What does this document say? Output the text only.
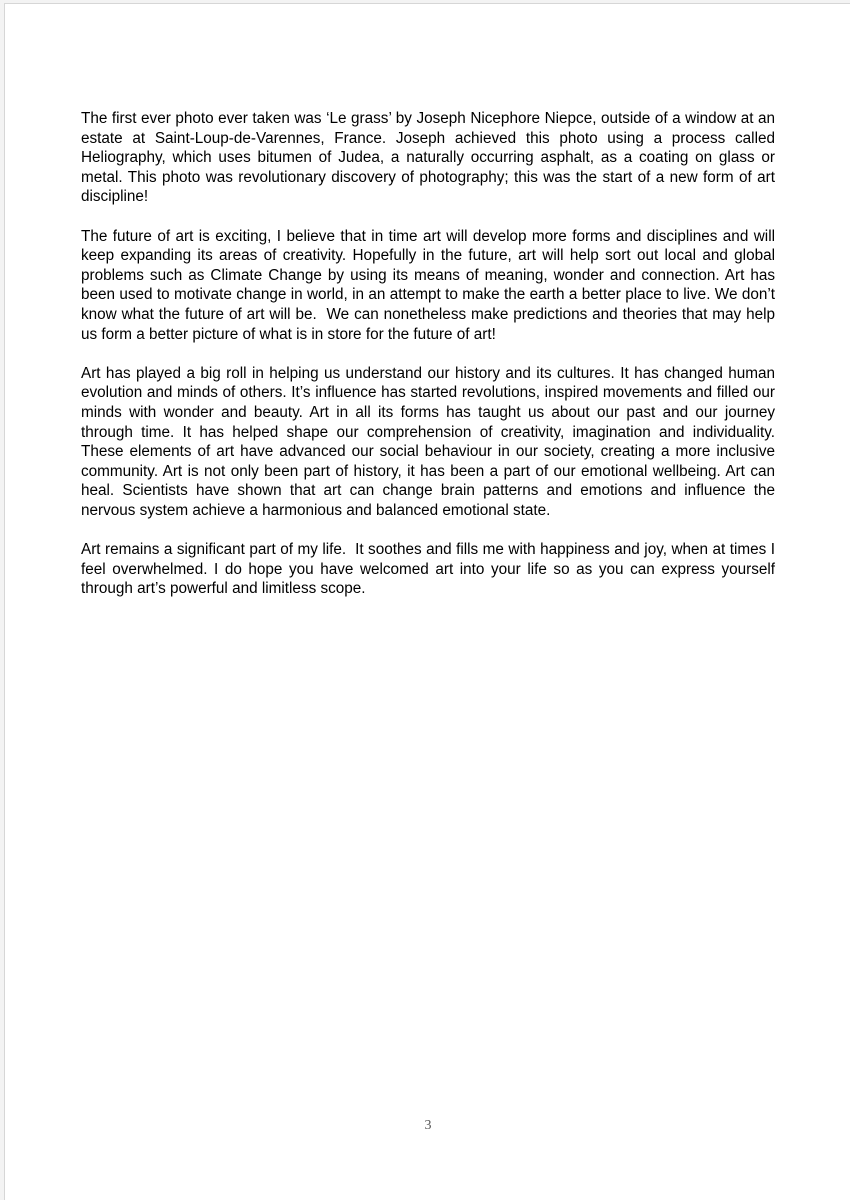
The first ever photo ever taken was ‘Le grass’ by Joseph Nicephore Niepce, outside of a window at an estate at Saint-Loup-de-Varennes, France. Joseph achieved this photo using a process called Heliography, which uses bitumen of Judea, a naturally occurring asphalt, as a coating on glass or metal. This photo was revolutionary discovery of photography; this was the start of a new form of art discipline!

The future of art is exciting, I believe that in time art will develop more forms and disciplines and will keep expanding its areas of creativity. Hopefully in the future, art will help sort out local and global problems such as Climate Change by using its means of meaning, wonder and connection. Art has been used to motivate change in world, in an attempt to make the earth a better place to live. We don’t know what the future of art will be.  We can nonetheless make predictions and theories that may help us form a better picture of what is in store for the future of art!

Art has played a big roll in helping us understand our history and its cultures. It has changed human evolution and minds of others. It’s influence has started revolutions, inspired movements and filled our minds with wonder and beauty. Art in all its forms has taught us about our past and our journey through time. It has helped shape our comprehension of creativity, imagination and individuality.  These elements of art have advanced our social behaviour in our society, creating a more inclusive community. Art is not only been part of history, it has been a part of our emotional wellbeing. Art can heal. Scientists have shown that art can change brain patterns and emotions and influence the nervous system achieve a harmonious and balanced emotional state.

Art remains a significant part of my life.  It soothes and fills me with happiness and joy, when at times I feel overwhelmed. I do hope you have welcomed art into your life so as you can express yourself through art’s powerful and limitless scope.

3
